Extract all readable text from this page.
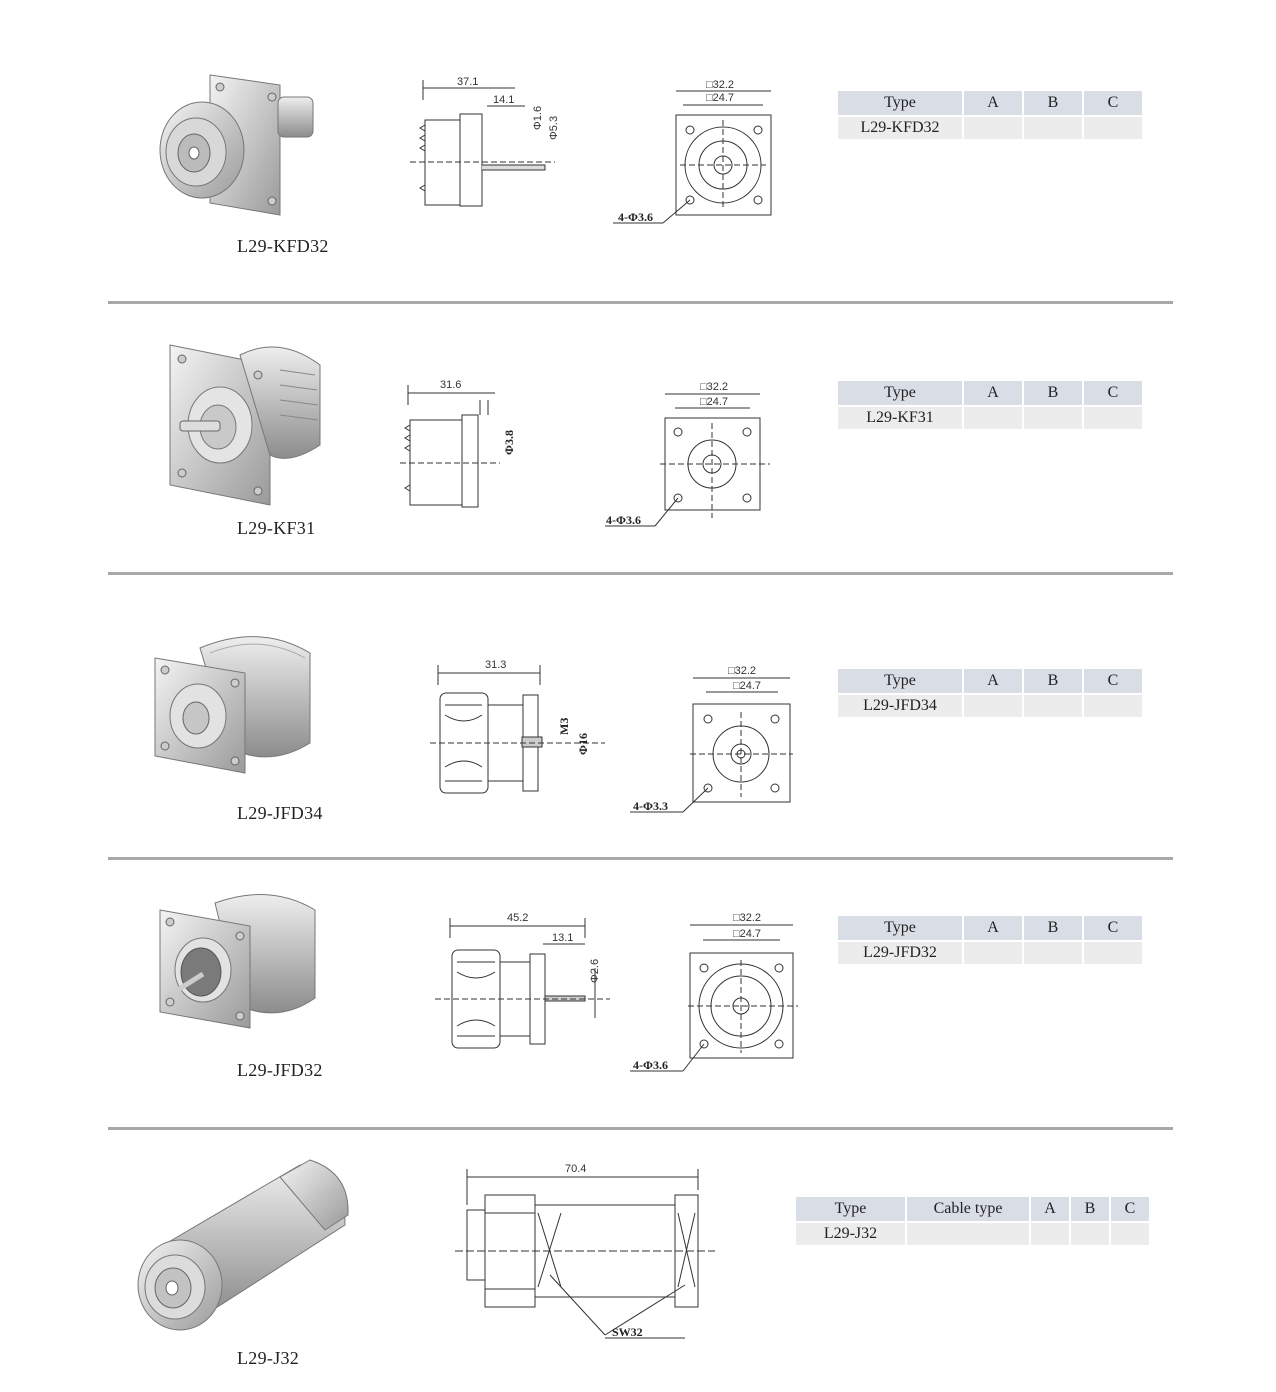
L29-KFD32
37.1
14.1
Φ1.6 Φ5.3
□32.2
□24.7
4-Φ3.6
Type	A	B	C
L29-KFD32			
L29-KF31
31.6
Φ3.8
□32.2
□24.7
4-Φ3.6
Type	A	B	C
L29-KF31			
L29-JFD34
31.3
M3
Φ16
□32.2
□24.7
4-Φ3.3
Type	A	B	C
L29-JFD34			
L29-JFD32
45.2
13.1
Φ2.6
□32.2
□24.7
4-Φ3.6
Type	A	B	C
L29-JFD32			
L29-J32
70.4
SW32
Type	Cable type	A	B	C
L29-J32				
